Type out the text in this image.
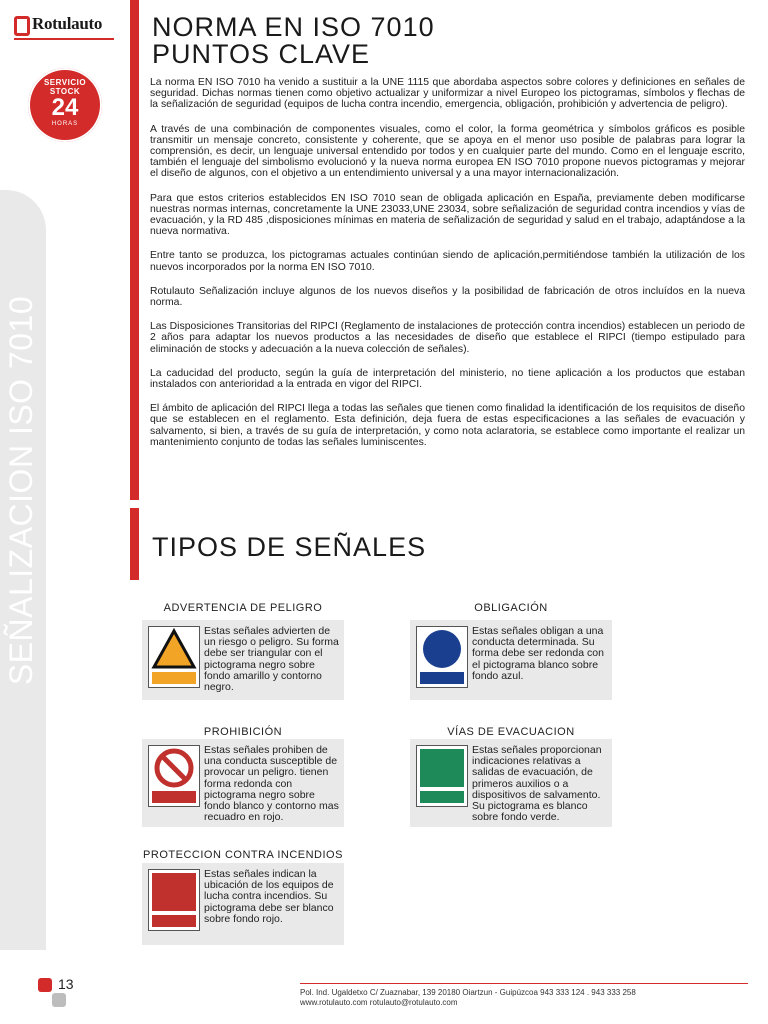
Rotulauto
SERVICIO
STOCK
24
HORAS
SEÑALIZACION ISO 7010
NORMA EN ISO 7010
PUNTOS CLAVE

La norma EN ISO 7010 ha venido a sustituir a la UNE 1115 que abordaba aspectos sobre colores y definiciones en señales de seguridad. Dichas normas tienen como objetivo actualizar y uniformizar a nivel Europeo los pictogramas, símbolos y flechas de la señalización de seguridad (equipos de lucha contra incendio, emergencia, obligación, prohibición y advertencia de peligro).

A través de una combinación de componentes visuales, como el color, la forma geométrica y símbolos gráficos es posible transmitir un mensaje concreto, consistente y coherente, que se apoya en el menor uso posible de palabras para lograr la comprensión, es decir, un lenguaje universal entendido por todos y en cualquier parte del mundo. Como en el lenguaje escrito, también el lenguaje del simbolismo evolucionó y la nueva norma europea EN ISO 7010 propone nuevos pictogramas y mejorar el diseño de algunos, con el objetivo a un entendimiento universal y a una mayor internacionalización.

Para que estos criterios establecidos EN ISO 7010 sean de obligada aplicación en España, previamente deben modificarse nuestras normas internas, concretamente la UNE 23033,UNE 23034, sobre señalización de seguridad contra incendios y vías de evacuación, y la RD 485 ,disposiciones mínimas en materia de señalización de seguridad y salud en el trabajo, adaptándose a la nueva normativa.

Entre tanto se produzca, los pictogramas actuales continúan siendo de aplicación,permitiéndose también la utilización de los nuevos incorporados por la norma EN ISO 7010.

Rotulauto Señalización incluye algunos de los nuevos diseños y la posibilidad de fabricación de otros incluídos en la nueva norma.

Las Disposiciones Transitorias del RIPCI (Reglamento de instalaciones de protección contra incendios) establecen un periodo de 2 años para adaptar los nuevos productos a las necesidades de diseño que establece el RIPCI (tiempo estipulado para eliminación de stocks y adecuación a la nueva colección de señales).

La caducidad del producto, según la guía de interpretación del ministerio, no tiene aplicación a los productos que estaban instalados con anterioridad a la entrada en vigor del RIPCI.

El ámbito de aplicación del RIPCI llega a todas las señales que tienen como finalidad la identificación de los requisitos de diseño que se establecen en el reglamento. Esta definición, deja fuera de estas especificaciones a las señales de evacuación y salvamento, si bien, a través de su guía de interpretación, y como nota aclaratoria, se establece como importante el realizar un mantenimiento conjunto de todas las señales luminiscentes.

TIPOS DE SEÑALES
ADVERTENCIA DE PELIGRO
Estas señales advierten de un riesgo o peligro. Su forma debe ser triangular con el pictograma negro sobre fondo amarillo y contorno negro.
OBLIGACIÓN
Estas señales obligan a una conducta determinada. Su forma debe ser redonda con el pictograma blanco sobre fondo azul.
PROHIBICIÓN
Estas señales prohiben de una conducta susceptible de provocar un peligro. tienen forma redonda con pictograma negro sobre fondo blanco y contorno mas recuadro en rojo.
VÍAS DE EVACUACION
Estas señales proporcionan indicaciones relativas a salidas de evacuación, de primeros auxilios o a dispositivos de salvamento. Su pictograma es blanco sobre fondo verde.
PROTECCION CONTRA INCENDIOS
Estas señales indican la ubicación de los equipos de lucha contra incendios. Su pictograma debe ser blanco sobre fondo rojo.
13
Pol. Ind. Ugaldetxo C/ Zuaznabar, 139 20180 Oiartzun - Guipúzcoa 943 333 124 . 943 333 258
www.rotulauto.com rotulauto@rotulauto.com
